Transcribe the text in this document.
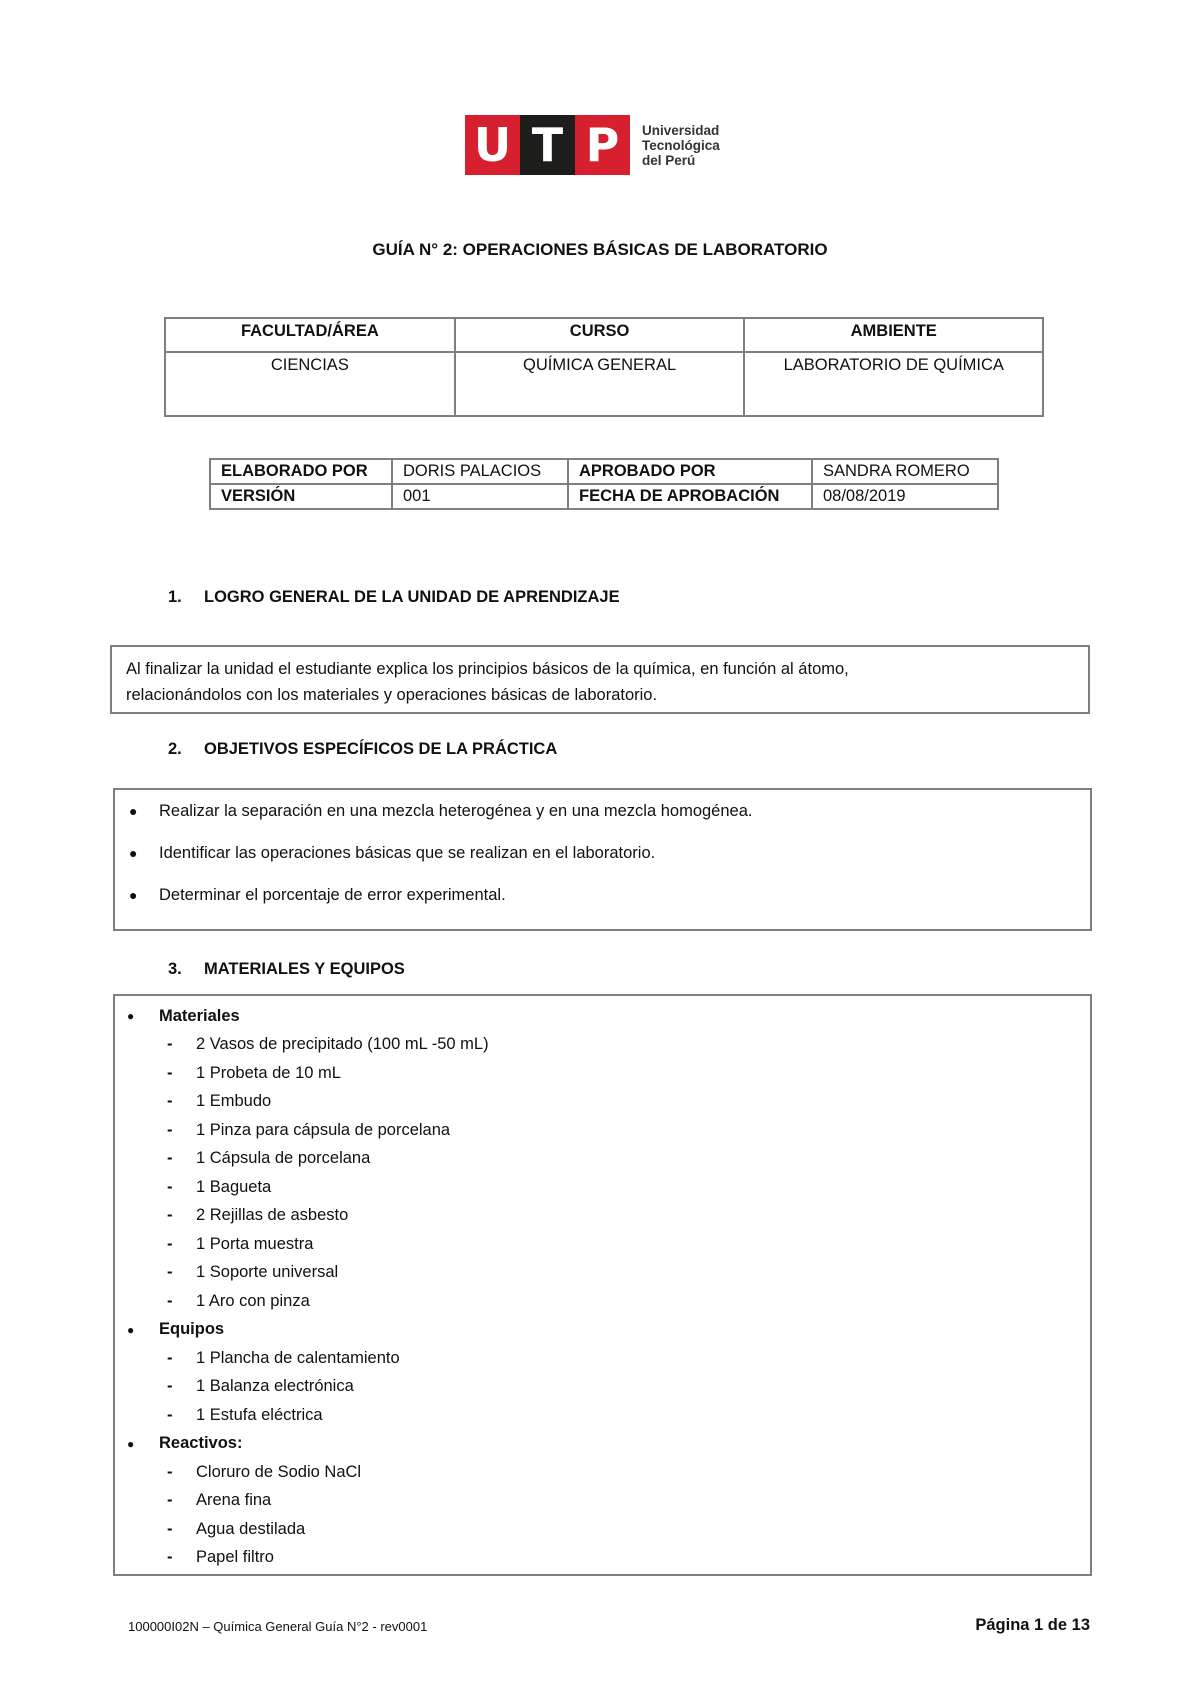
U T P	Universidad
Tecnológica
del Perú
GUÍA N° 2: OPERACIONES BÁSICAS DE LABORATORIO
FACULTAD/ÁREA	CURSO	AMBIENTE
CIENCIAS	QUÍMICA GENERAL	LABORATORIO DE QUÍMICA
ELABORADO POR	DORIS PALACIOS	APROBADO POR	SANDRA ROMERO
VERSIÓN	001	FECHA DE APROBACIÓN	08/08/2019
1. LOGRO GENERAL DE LA UNIDAD DE APRENDIZAJE
Al finalizar la unidad el estudiante explica los principios básicos de la química, en función al átomo,
relacionándolos con los materiales y operaciones básicas de laboratorio.
2. OBJETIVOS ESPECÍFICOS DE LA PRÁCTICA
●	Realizar la separación en una mezcla heterogénea y en una mezcla homogénea.
●	Identificar las operaciones básicas que se realizan en el laboratorio.
●	Determinar el porcentaje de error experimental.
3. MATERIALES Y EQUIPOS
●	Materiales
-	2 Vasos de precipitado (100 mL -50 mL)
-	1 Probeta de 10 mL
-	1 Embudo
-	1 Pinza para cápsula de porcelana
-	1 Cápsula de porcelana
-	1 Bagueta
-	2 Rejillas de asbesto
-	1 Porta muestra
-	1 Soporte universal
-	1 Aro con pinza
●	Equipos
-	1 Plancha de calentamiento
-	1 Balanza electrónica
-	1 Estufa eléctrica
●	Reactivos:
-	Cloruro de Sodio NaCl
-	Arena fina
-	Agua destilada
-	Papel filtro
100000I02N – Química General Guía N°2 - rev0001	Página 1 de 13
